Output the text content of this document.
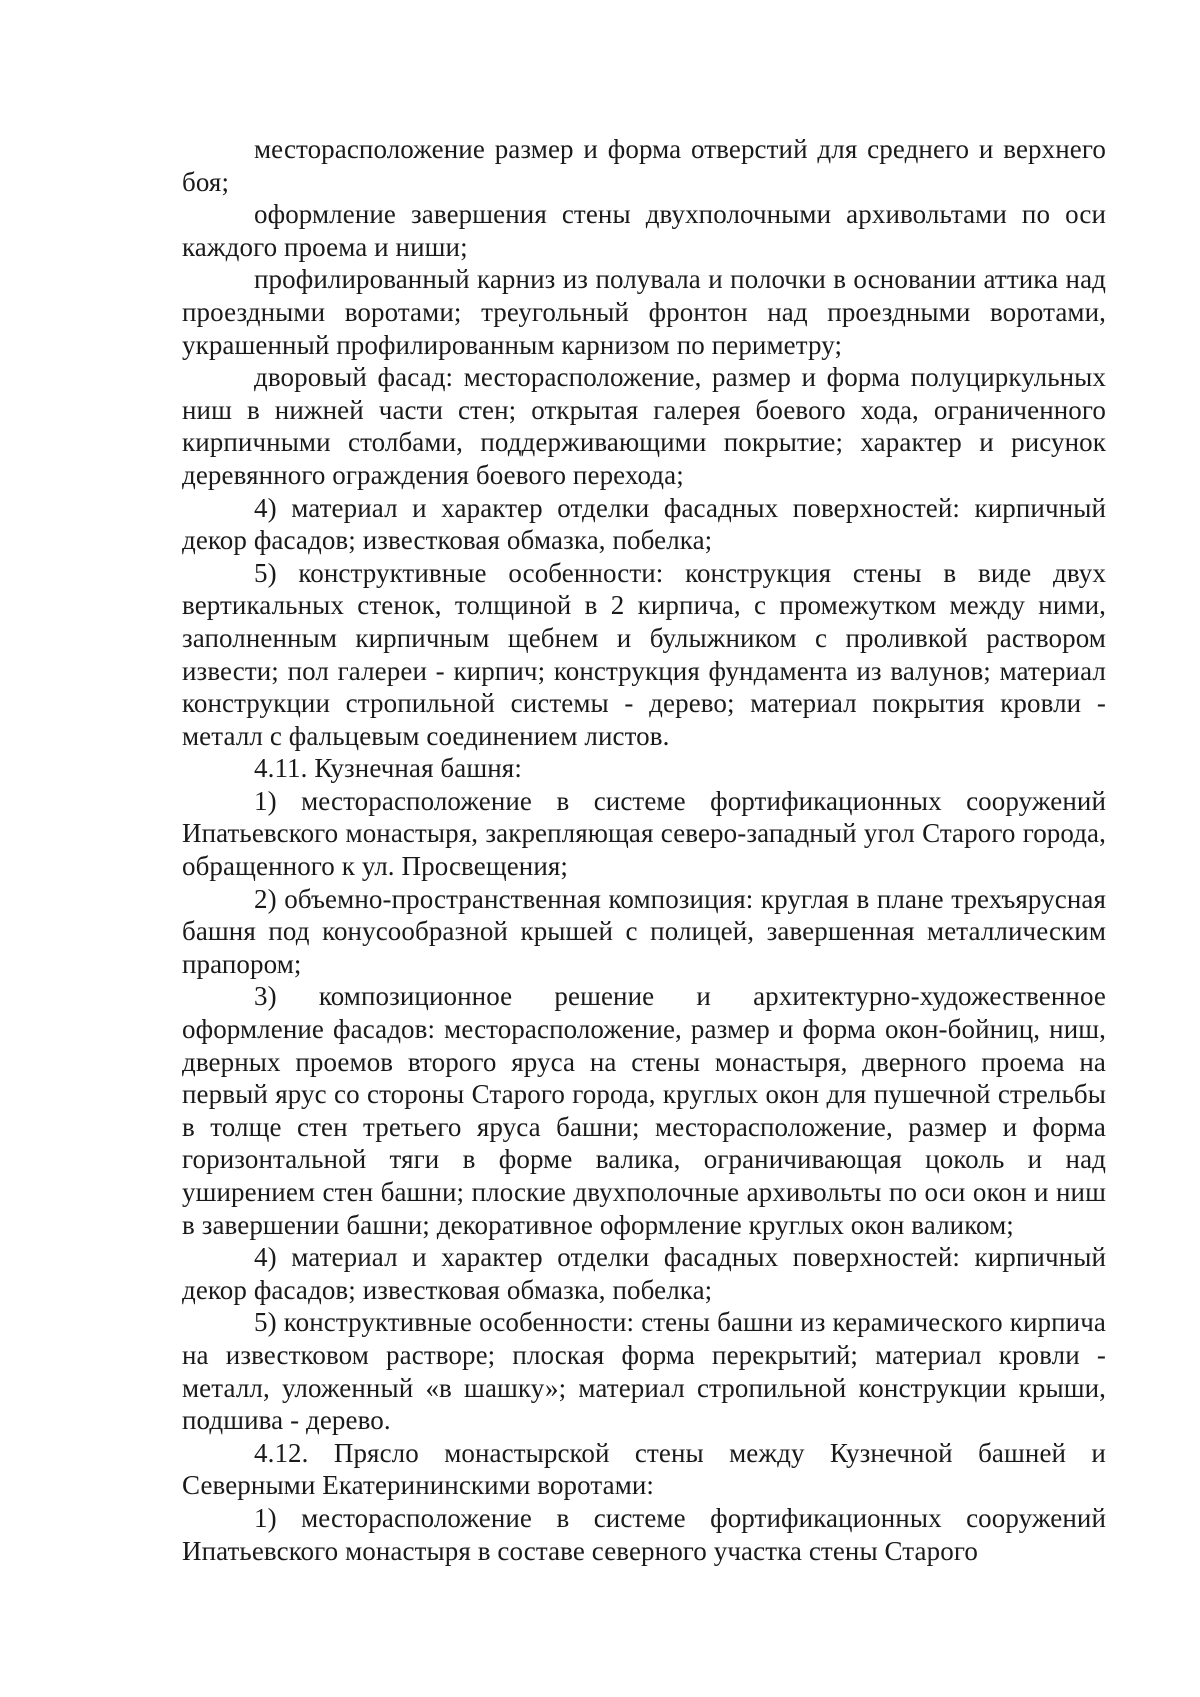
месторасположение размер и форма отверстий для среднего и верхнего боя;

оформление завершения стены двухполочными архивольтами по оси каждого проема и ниши;

профилированный карниз из полувала и полочки в основании аттика над проездными воротами; треугольный фронтон над проездными воротами, украшенный профилированным карнизом по периметру;

дворовый фасад: месторасположение, размер и форма полуциркульных ниш в нижней части стен; открытая галерея боевого хода, ограниченного кирпичными столбами, поддерживающими покрытие; характер и рисунок деревянного ограждения боевого перехода;

4) материал и характер отделки фасадных поверхностей: кирпичный декор фасадов; известковая обмазка, побелка;

5) конструктивные особенности: конструкция стены в виде двух вертикальных стенок, толщиной в 2 кирпича, с промежутком между ними, заполненным кирпичным щебнем и булыжником с проливкой раствором извести; пол галереи - кирпич; конструкция фундамента из валунов; материал конструкции стропильной системы - дерево; материал покрытия кровли - металл с фальцевым соединением листов.

4.11. Кузнечная башня:

1) месторасположение в системе фортификационных сооружений Ипатьевского монастыря, закрепляющая северо-западный угол Старого города, обращенного к ул. Просвещения;

2) объемно-пространственная композиция: круглая в плане трехъярусная башня под конусообразной крышей с полицей, завершенная металлическим прапором;

3) композиционное решение и архитектурно-художественное оформление фасадов: месторасположение, размер и форма окон-бойниц, ниш, дверных проемов второго яруса на стены монастыря, дверного проема на первый ярус со стороны Старого города, круглых окон для пушечной стрельбы в толще стен третьего яруса башни; месторасположение, размер и форма горизонтальной тяги в форме валика, ограничивающая цоколь и над уширением стен башни; плоские двухполочные архивольты по оси окон и ниш в завершении башни; декоративное оформление круглых окон валиком;

4) материал и характер отделки фасадных поверхностей: кирпичный декор фасадов; известковая обмазка, побелка;

5) конструктивные особенности: стены башни из керамического кирпича на известковом растворе; плоская форма перекрытий; материал кровли - металл, уложенный «в шашку»; материал стропильной конструкции крыши, подшива - дерево.

4.12. Прясло монастырской стены между Кузнечной башней и Северными Екатерининскими воротами:

1) месторасположение в системе фортификационных сооружений Ипатьевского монастыря в составе северного участка стены Старого
